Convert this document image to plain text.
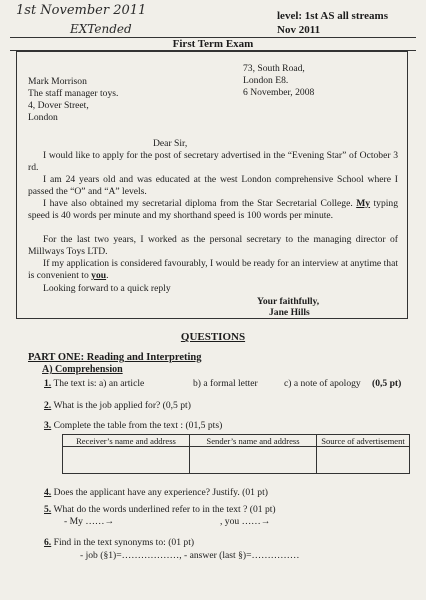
1st November 2011
EXTended
level: 1st AS all streams
Nov 2011
First Term Exam
73, South Road,
London E8.
6 November, 2008
Mark Morrison
The staff manager toys.
4, Dover Street,
London
Dear Sir,
I would like to apply for the post of secretary advertised in the “Evening Star” of October 3 rd.
I am 24 years old and was educated at the west London comprehensive School where I passed the “O” and “A” levels.
I have also obtained my secretarial diploma from the Star Secretarial College. My typing speed is 40 words per minute and my shorthand speed is 100 words per minute.
For the last two years, I worked as the personal secretary to the managing director of Millways Toys LTD.
If my application is considered favourably, I would be ready for an interview at anytime that is convenient to you.
Looking forward to a quick reply
Your faithfully,
Jane Hills
QUESTIONS
PART ONE: Reading and Interpreting
A) Comprehension
1. The text is: a) an article	b) a formal letter	c) a note of apology (0,5 pt)
2. What is the job applied for? (0,5 pt)
3. Complete the table from the text : (01,5 pts)
Receiver’s name and address	Sender’s name and address	Source of advertisement

4. Does the applicant have any experience? Justify. (01 pt)
5. What do the words underlined refer to in the text ? (01 pt)
- My ……→	, you ……→
6. Find in the text synonyms to: (01 pt)
- job (§1)=………………, - answer (last §)=……………
